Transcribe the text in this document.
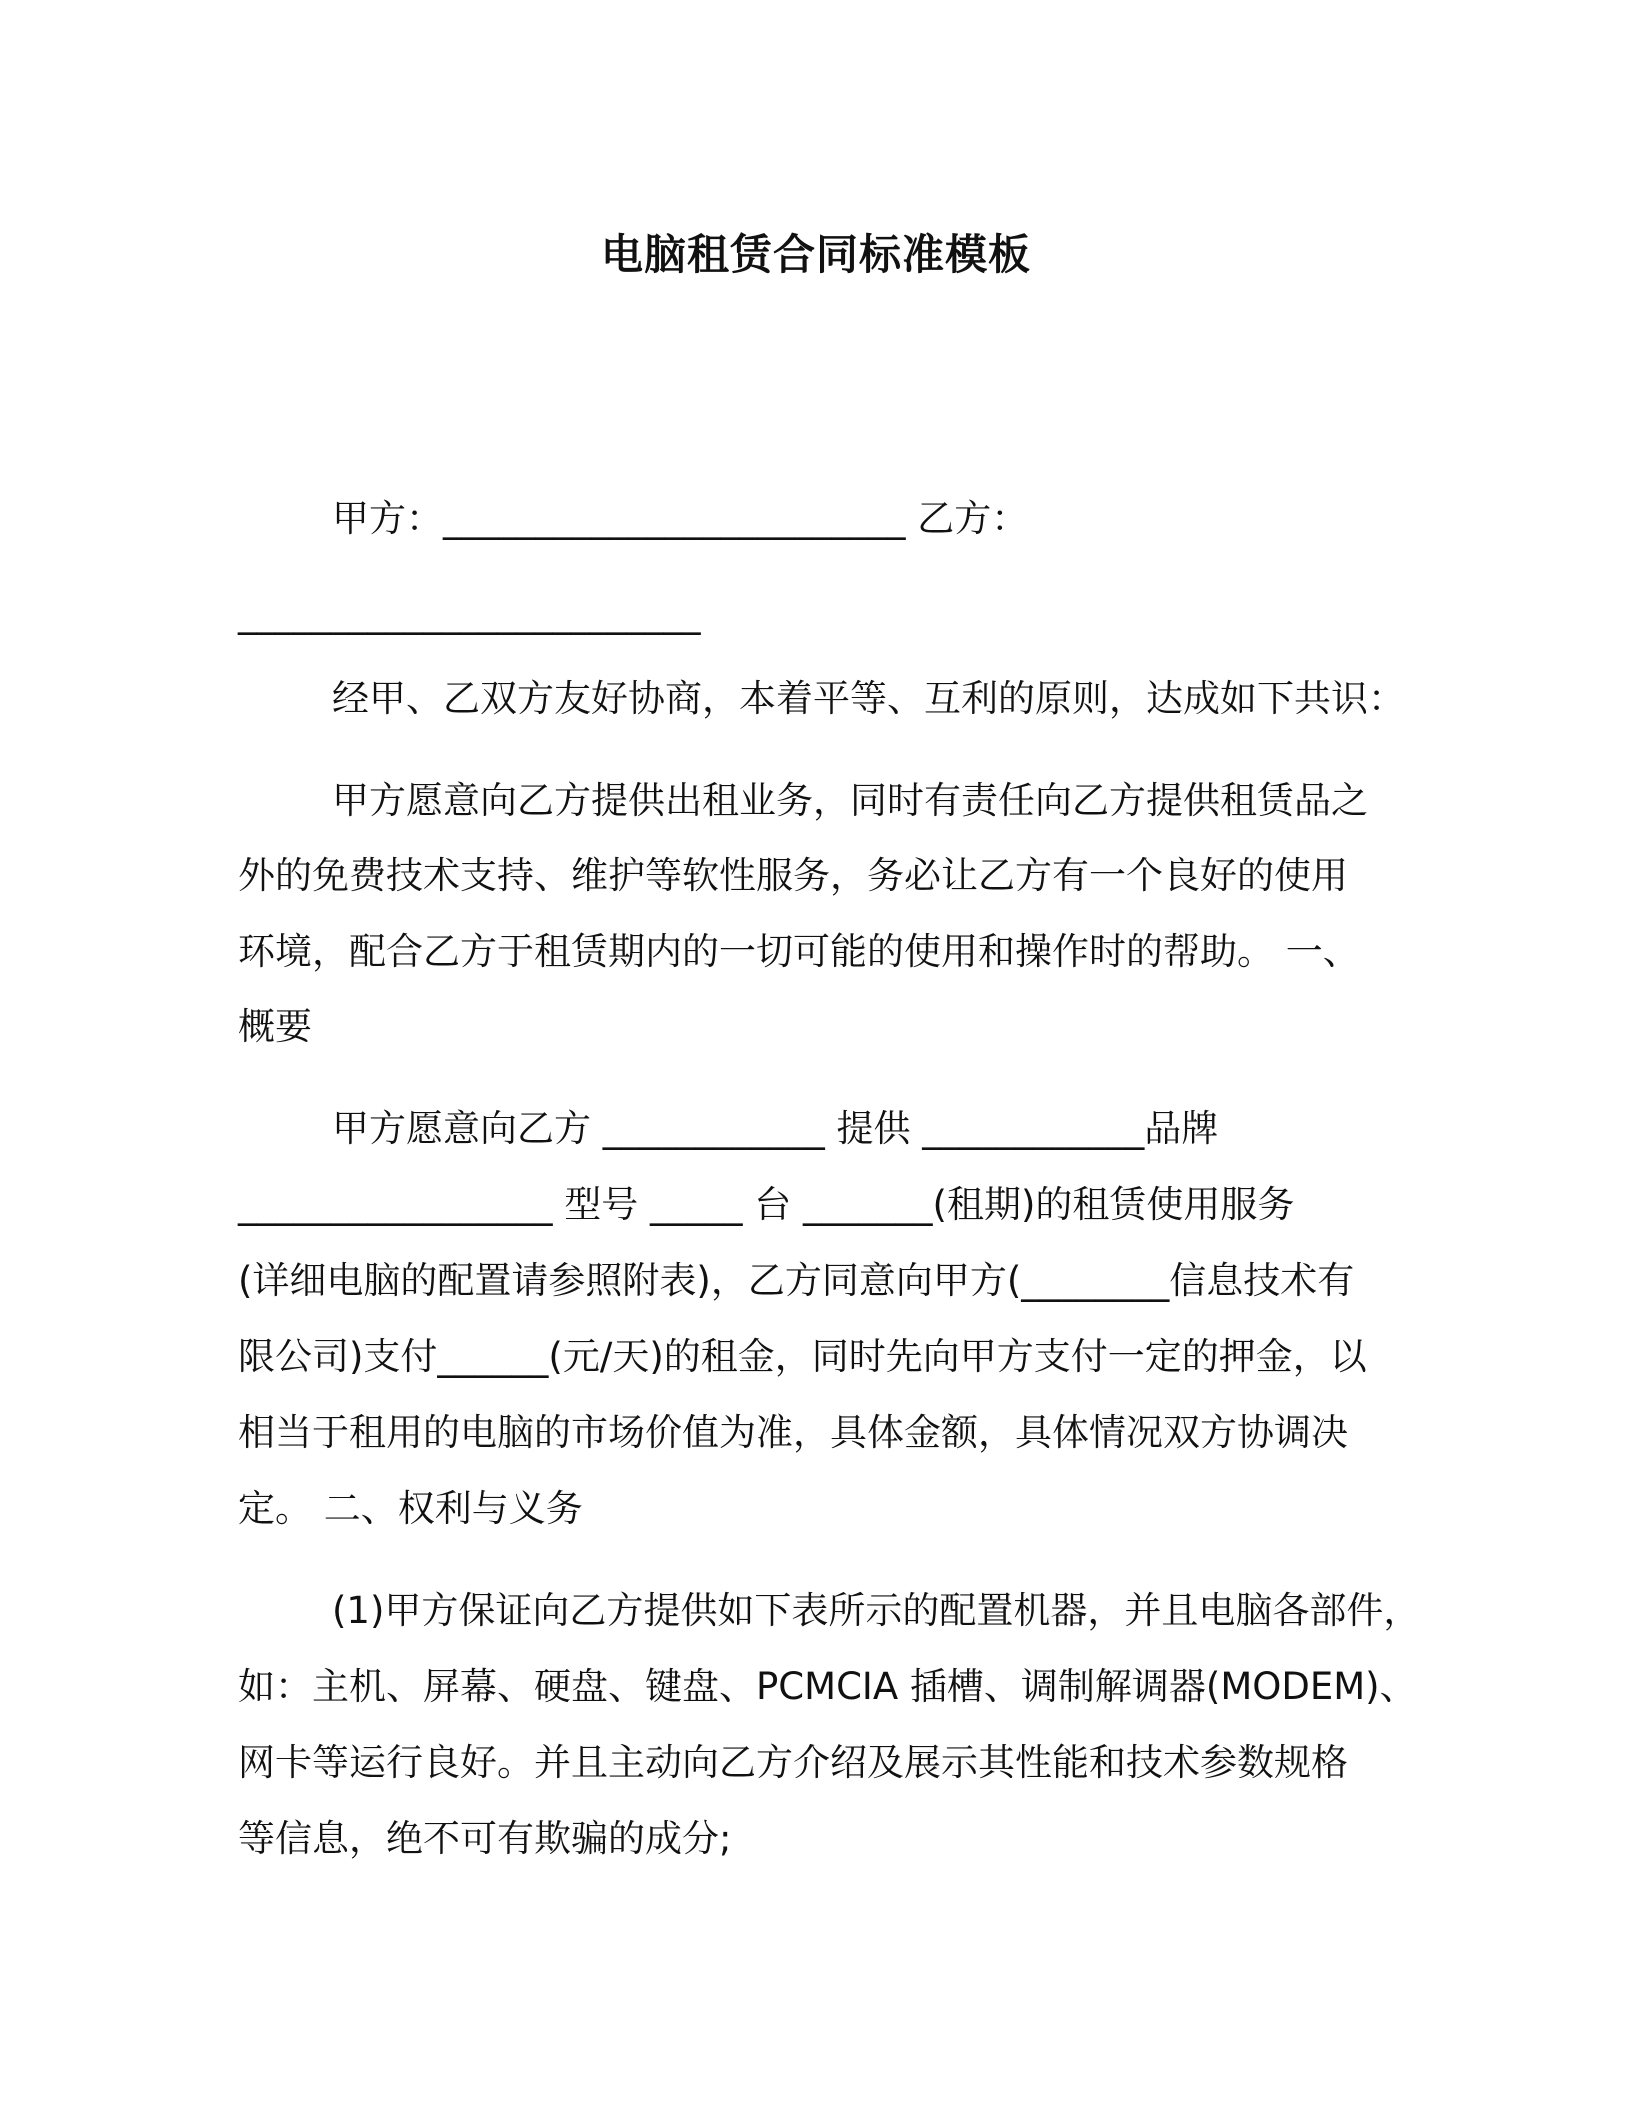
电脑租赁合同标准模板
甲方：_________________________ 乙方：
_________________________
经甲、乙双方友好协商，本着平等、互利的原则，达成如下共识：
甲方愿意向乙方提供出租业务，同时有责任向乙方提供租赁品之
外的免费技术支持、维护等软性服务，务必让乙方有一个良好的使用
环境，配合乙方于租赁期内的一切可能的使用和操作时的帮助。 一、
概要
甲方愿意向乙方 ____________ 提供 ____________品牌
_________________ 型号 _____ 台 _______(租期)的租赁使用服务
(详细电脑的配置请参照附表)，乙方同意向甲方(________信息技术有
限公司)支付______(元/天)的租金，同时先向甲方支付一定的押金，以
相当于租用的电脑的市场价值为准，具体金额，具体情况双方协调决
定。 二、权利与义务
(1)甲方保证向乙方提供如下表所示的配置机器，并且电脑各部件，
如：主机、屏幕、硬盘、键盘、PCMCIA 插槽、调制解调器(MODEM)、
网卡等运行良好。并且主动向乙方介绍及展示其性能和技术参数规格
等信息，绝不可有欺骗的成分;
